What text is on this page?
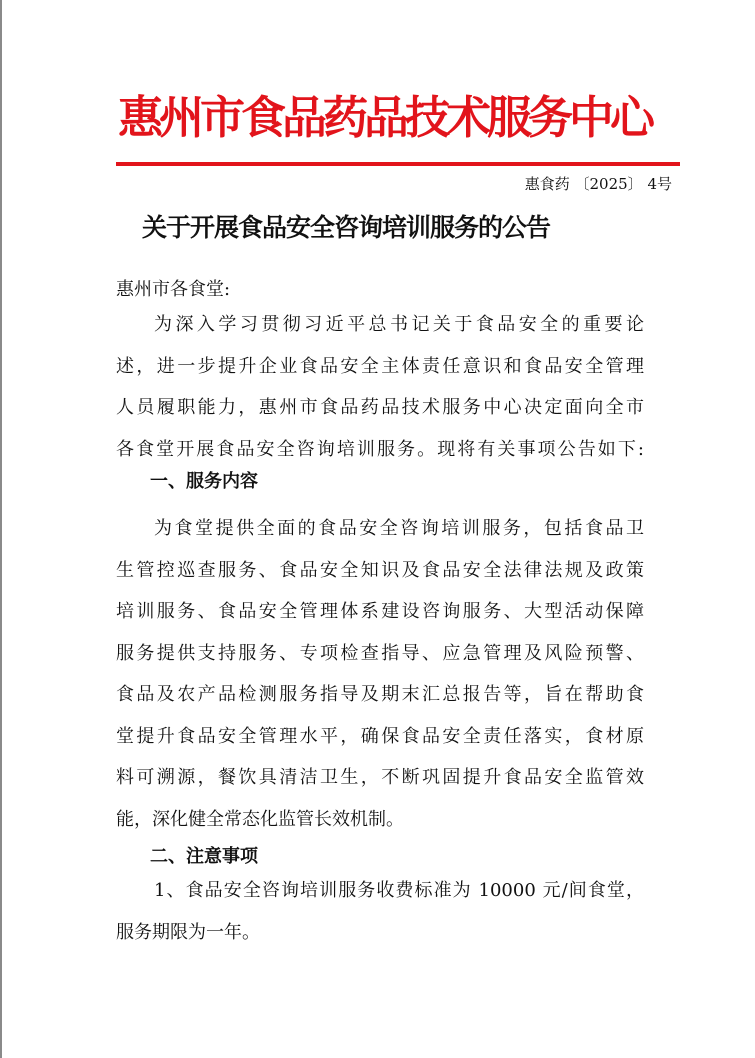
惠州市食品药品技术服务中心
惠食药 〔2025〕 4号
关于开展食品安全咨询培训服务的公告
惠州市各食堂:
为深入学习贯彻习近平总书记关于食品安全的重要论
述，进一步提升企业食品安全主体责任意识和食品安全管理
人员履职能力，惠州市食品药品技术服务中心决定面向全市
各食堂开展食品安全咨询培训服务。现将有关事项公告如下:
一、服务内容
为食堂提供全面的食品安全咨询培训服务，包括食品卫
生管控巡查服务、食品安全知识及食品安全法律法规及政策
培训服务、食品安全管理体系建设咨询服务、大型活动保障
服务提供支持服务、专项检查指导、应急管理及风险预警、
食品及农产品检测服务指导及期末汇总报告等，旨在帮助食
堂提升食品安全管理水平，确保食品安全责任落实，食材原
料可溯源，餐饮具清洁卫生，不断巩固提升食品安全监管效
能，深化健全常态化监管长效机制。
二、注意事项
1、食品安全咨询培训服务收费标准为 10000 元/间食堂，
服务期限为一年。
